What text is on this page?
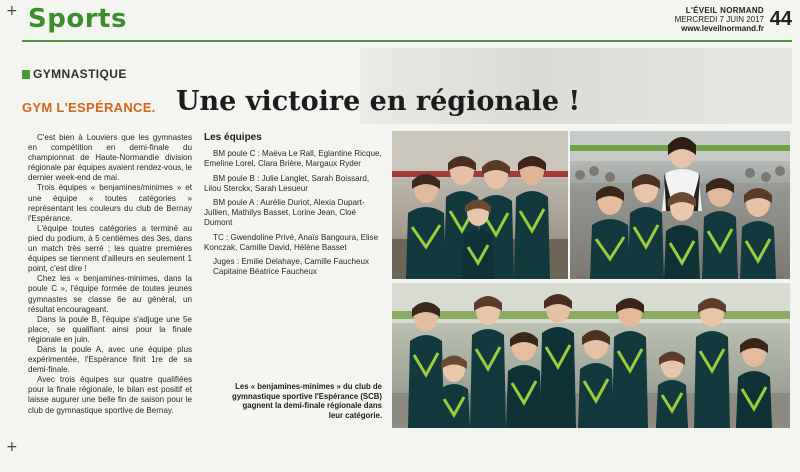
+
+
Sports	L'ÉVEIL NORMAND
MERCREDI 7 JUIN 2017
www.leveilnormand.fr 44
GYMNASTIQUE
GYM L'ESPÉRANCE. Une victoire en régionale !

C'est bien à Louviers que les gymnastes en compétition en demi-finale du championnat de Haute-Normandie division régionale par équipes avaient rendez-vous, le dernier week-end de mai.

Trois équipes « benjamines/minimes » et une équipe « toutes catégories » représentant les couleurs du club de Bernay l'Espérance.

L'équipe toutes catégories a terminé au pied du podium, à 5 centièmes des 3es, dans un match très serré ; les quatre premières équipes se tiennent d'ailleurs en seulement 1 point, c'est dire !

Chez les « benjamines-minimes, dans la poule C », l'équipe formée de toutes jeunes gymnastes se classe 6e au général, un résultat encourageant.

Dans la poule B, l'équipe s'adjuge une 5e place, se qualifiant ainsi pour la finale régionale en juin.

Dans la poule A, avec une équipe plus expérimentée, l'Espérance finit 1re de sa demi-finale.

Avec trois équipes sur quatre qualifiées pour la finale régionale, le bilan est positif et laisse augurer une belle fin de saison pour le club de gymnastique sportive de Bernay.

Les équipes

BM poule C : Maëva Le Rall, Eglantine Ricque, Emeline Lorel, Clara Brière, Margaux Ryder

BM poule B : Julie Langlet, Sarah Boissard, Lilou Sterckx, Sarah Lesueur

BM poule A : Aurélie Duriot, Alexia Dupart-Jullien, Mathilys Basset, Lorine Jean, Cloé Dumont

TC : Gwendoline Privé, Anaïs Bangoura, Elise Konczak, Camille David, Hélène Basset

Juges : Emilie Delahaye, Camille Faucheux

Capitaine Béatrice Faucheux

Les « benjamines-minimes » du club de gymnastique sportive l'Espérance (SCB) gagnent la demi-finale régionale dans leur catégorie.
